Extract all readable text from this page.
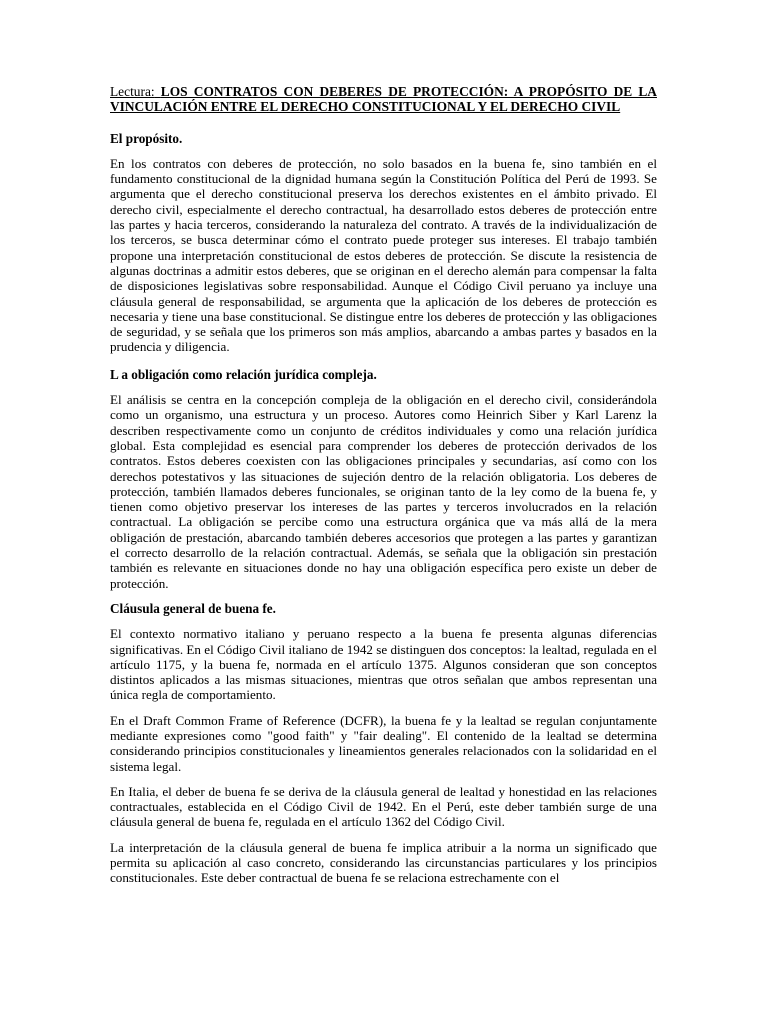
Lectura: LOS CONTRATOS CON DEBERES DE PROTECCIÓN: A PROPÓSITO DE LA VINCULACIÓN ENTRE EL DERECHO CONSTITUCIONAL Y EL DERECHO CIVIL
El propósito.

En los contratos con deberes de protección, no solo basados en la buena fe, sino también en el fundamento constitucional de la dignidad humana según la Constitución Política del Perú de 1993. Se argumenta que el derecho constitucional preserva los derechos existentes en el ámbito privado. El derecho civil, especialmente el derecho contractual, ha desarrollado estos deberes de protección entre las partes y hacia terceros, considerando la naturaleza del contrato. A través de la individualización de los terceros, se busca determinar cómo el contrato puede proteger sus intereses. El trabajo también propone una interpretación constitucional de estos deberes de protección. Se discute la resistencia de algunas doctrinas a admitir estos deberes, que se originan en el derecho alemán para compensar la falta de disposiciones legislativas sobre responsabilidad. Aunque el Código Civil peruano ya incluye una cláusula general de responsabilidad, se argumenta que la aplicación de los deberes de protección es necesaria y tiene una base constitucional. Se distingue entre los deberes de protección y las obligaciones de seguridad, y se señala que los primeros son más amplios, abarcando a ambas partes y basados en la prudencia y diligencia.

L a obligación como relación jurídica compleja.

El análisis se centra en la concepción compleja de la obligación en el derecho civil, considerándola como un organismo, una estructura y un proceso. Autores como Heinrich Siber y Karl Larenz la describen respectivamente como un conjunto de créditos individuales y como una relación jurídica global. Esta complejidad es esencial para comprender los deberes de protección derivados de los contratos. Estos deberes coexisten con las obligaciones principales y secundarias, así como con los derechos potestativos y las situaciones de sujeción dentro de la relación obligatoria. Los deberes de protección, también llamados deberes funcionales, se originan tanto de la ley como de la buena fe, y tienen como objetivo preservar los intereses de las partes y terceros involucrados en la relación contractual. La obligación se percibe como una estructura orgánica que va más allá de la mera obligación de prestación, abarcando también deberes accesorios que protegen a las partes y garantizan el correcto desarrollo de la relación contractual. Además, se señala que la obligación sin prestación también es relevante en situaciones donde no hay una obligación específica pero existe un deber de protección.

Cláusula general de buena fe.

El contexto normativo italiano y peruano respecto a la buena fe presenta algunas diferencias significativas. En el Código Civil italiano de 1942 se distinguen dos conceptos: la lealtad, regulada en el artículo 1175, y la buena fe, normada en el artículo 1375. Algunos consideran que son conceptos distintos aplicados a las mismas situaciones, mientras que otros señalan que ambos representan una única regla de comportamiento.

En el Draft Common Frame of Reference (DCFR), la buena fe y la lealtad se regulan conjuntamente mediante expresiones como "good faith" y "fair dealing". El contenido de la lealtad se determina considerando principios constitucionales y lineamientos generales relacionados con la solidaridad en el sistema legal.

En Italia, el deber de buena fe se deriva de la cláusula general de lealtad y honestidad en las relaciones contractuales, establecida en el Código Civil de 1942. En el Perú, este deber también surge de una cláusula general de buena fe, regulada en el artículo 1362 del Código Civil.

La interpretación de la cláusula general de buena fe implica atribuir a la norma un significado que permita su aplicación al caso concreto, considerando las circunstancias particulares y los principios constitucionales. Este deber contractual de buena fe se relaciona estrechamente con el
